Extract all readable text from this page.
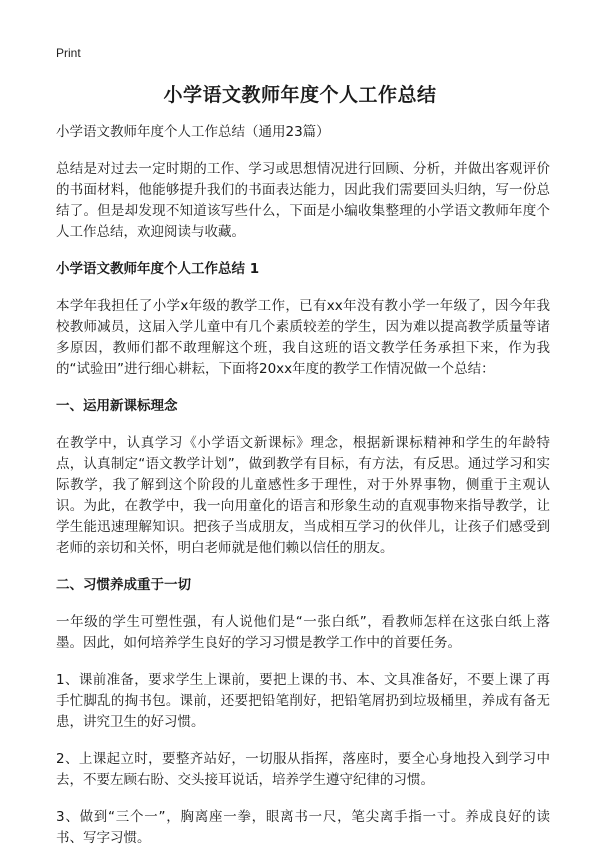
Print
小学语文教师年度个人工作总结

小学语文教师年度个人工作总结（通用23篇）

总结是对过去一定时期的工作、学习或思想情况进行回顾、分析，并做出客观评价的书面材料，他能够提升我们的书面表达能力，因此我们需要回头归纳，写一份总结了。但是却发现不知道该写些什么，下面是小编收集整理的小学语文教师年度个人工作总结，欢迎阅读与收藏。

小学语文教师年度个人工作总结 1

本学年我担任了小学x年级的教学工作，已有xx年没有教小学一年级了，因今年我校教师减员，这届入学儿童中有几个素质较差的学生，因为难以提高教学质量等诸多原因，教师们都不敢理解这个班，我自这班的语文教学任务承担下来，作为我的“试验田”进行细心耕耘，下面将20xx年度的教学工作情况做一个总结：

一、运用新课标理念

在教学中，认真学习《小学语文新课标》理念，根据新课标精神和学生的年龄特点，认真制定“语文教学计划”，做到教学有目标，有方法，有反思。通过学习和实际教学，我了解到这个阶段的儿童感性多于理性，对于外界事物，侧重于主观认识。为此，在教学中，我一向用童化的语言和形象生动的直观事物来指导教学，让学生能迅速理解知识。把孩子当成朋友，当成相互学习的伙伴儿，让孩子们感受到老师的亲切和关怀，明白老师就是他们赖以信任的朋友。

二、习惯养成重于一切

一年级的学生可塑性强，有人说他们是“一张白纸”，看教师怎样在这张白纸上落墨。因此，如何培养学生良好的学习习惯是教学工作中的首要任务。

1、课前准备，要求学生上课前，要把上课的书、本、文具准备好，不要上课了再手忙脚乱的掏书包。课前，还要把铅笔削好，把铅笔屑扔到垃圾桶里，养成有备无患，讲究卫生的好习惯。

2、上课起立时，要整齐站好，一切服从指挥，落座时，要全心身地投入到学习中去，不要左顾右盼、交头接耳说话，培养学生遵守纪律的习惯。

3、做到“三个一”，胸离座一拳，眼离书一尺，笔尖离手指一寸。养成良好的读书、写字习惯。
